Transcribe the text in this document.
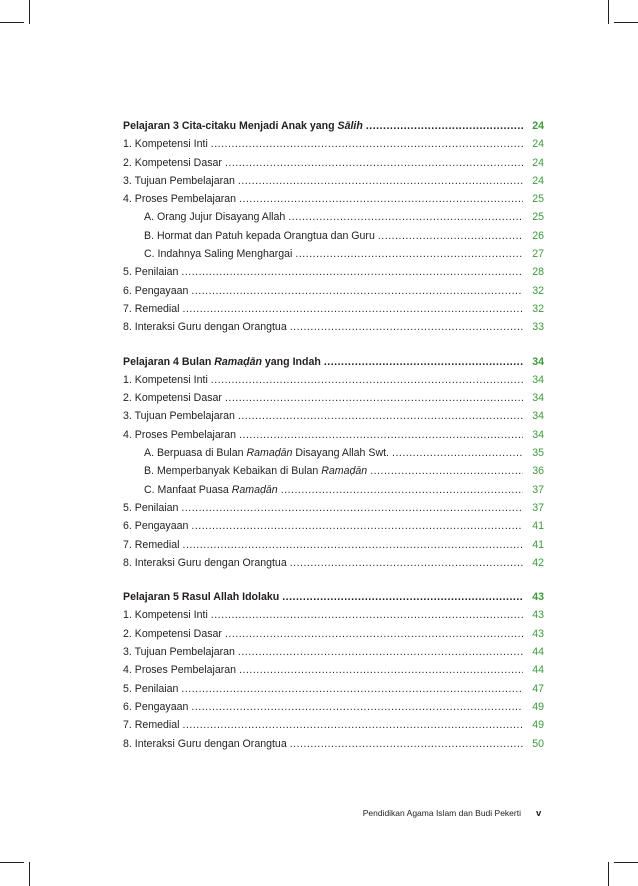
Pelajaran 3 Cita-citaku Menjadi Anak yang Sālih .....	24
1. Kompetensi Inti .....	24
2. Kompetensi Dasar .....	24
3. Tujuan Pembelajaran .....	24
4. Proses Pembelajaran .....	25
A. Orang Jujur Disayang Allah .....	25
B. Hormat dan Patuh kepada Orangtua dan Guru .....	26
C. Indahnya Saling Menghargai .....	27
5. Penilaian .....	28
6. Pengayaan .....	32
7. Remedial .....	32
8. Interaksi Guru dengan Orangtua .....	33
Pelajaran 4 Bulan Ramaḍān yang Indah .....	34
1. Kompetensi Inti .....	34
2. Kompetensi Dasar .....	34
3. Tujuan Pembelajaran .....	34
4. Proses Pembelajaran .....	34
A. Berpuasa di Bulan Ramaḍān Disayang Allah Swt. .....	35
B. Memperbanyak Kebaikan di Bulan Ramaḍān .....	36
C. Manfaat Puasa Ramaḍān .....	37
5. Penilaian .....	37
6. Pengayaan .....	41
7. Remedial .....	41
8. Interaksi Guru dengan Orangtua .....	42
Pelajaran 5 Rasul Allah Idolaku .....	43
1. Kompetensi Inti .....	43
2. Kompetensi Dasar .....	43
3. Tujuan Pembelajaran .....	44
4. Proses Pembelajaran .....	44
5. Penilaian .....	47
6. Pengayaan .....	49
7. Remedial .....	49
8. Interaksi Guru dengan Orangtua .....	50
Pendidikan Agama Islam dan Budi Pekerti v
